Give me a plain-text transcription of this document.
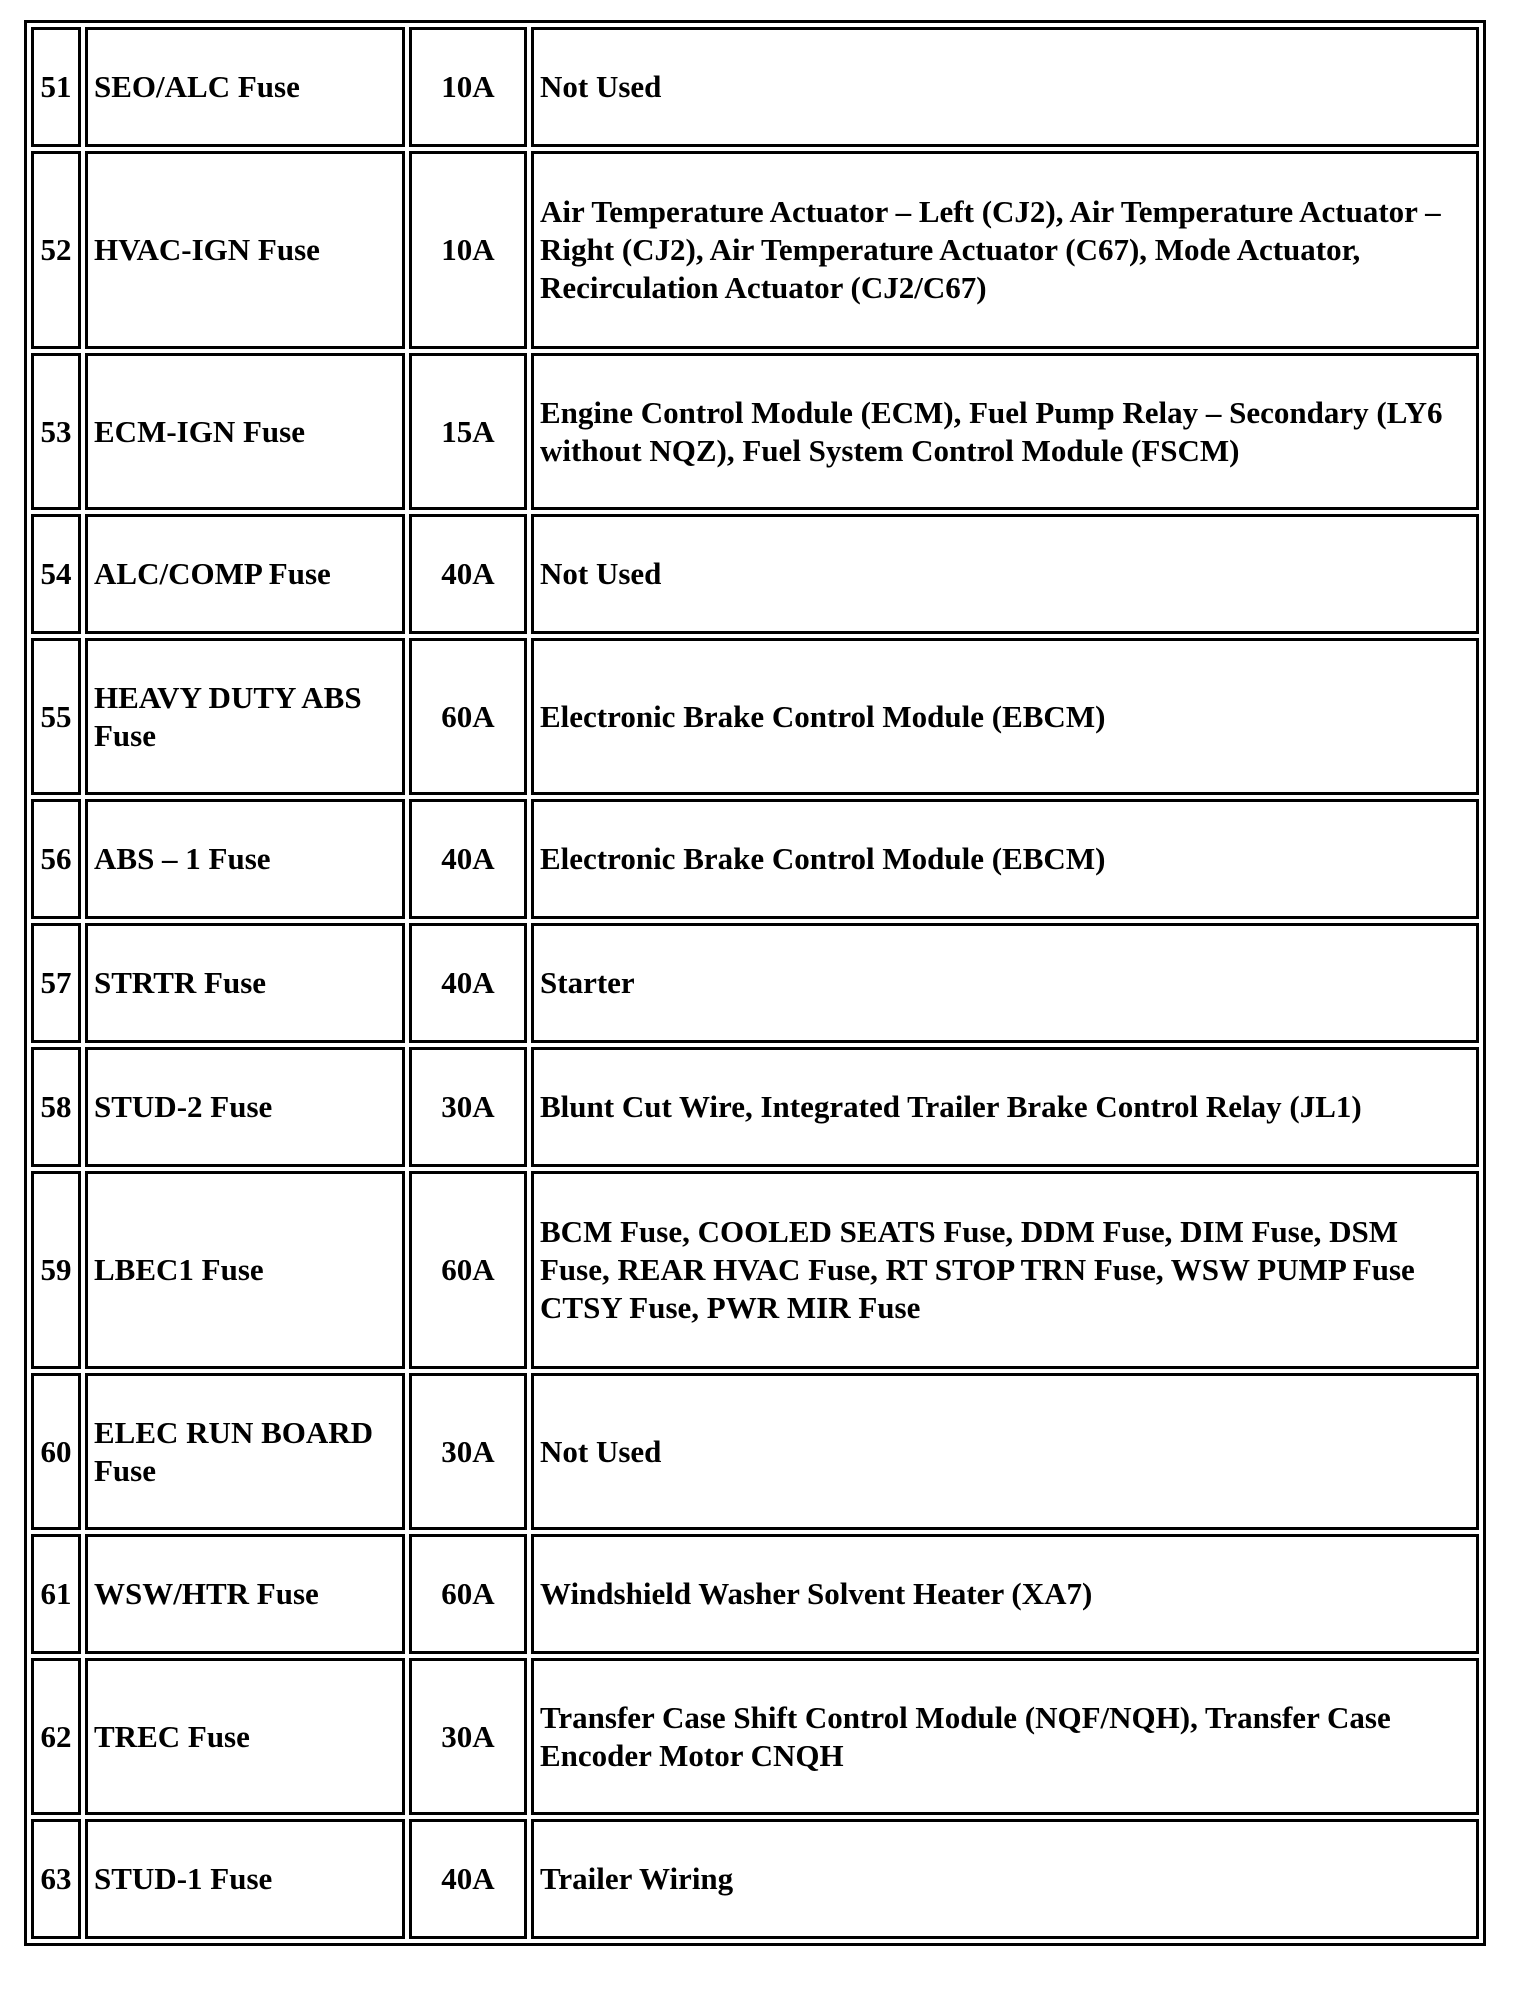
51	SEO/ALC Fuse	10A	Not Used
52	HVAC-IGN Fuse	10A	Air Temperature Actuator – Left (CJ2), Air Temperature Actuator – Right (CJ2), Air Temperature Actuator (C67), Mode Actuator, Recirculation Actuator (CJ2/C67)
53	ECM-IGN Fuse	15A	Engine Control Module (ECM), Fuel Pump Relay – Secondary (LY6 without NQZ), Fuel System Control Module (FSCM)
54	ALC/COMP Fuse	40A	Not Used
55	HEAVY DUTY ABS Fuse	60A	Electronic Brake Control Module (EBCM)
56	ABS – 1 Fuse	40A	Electronic Brake Control Module (EBCM)
57	STRTR Fuse	40A	Starter
58	STUD-2 Fuse	30A	Blunt Cut Wire, Integrated Trailer Brake Control Relay (JL1)
59	LBEC1 Fuse	60A	BCM Fuse, COOLED SEATS Fuse, DDM Fuse, DIM Fuse, DSM Fuse, REAR HVAC Fuse, RT STOP TRN Fuse, WSW PUMP Fuse CTSY Fuse, PWR MIR Fuse
60	ELEC RUN BOARD Fuse	30A	Not Used
61	WSW/HTR Fuse	60A	Windshield Washer Solvent Heater (XA7)
62	TREC Fuse	30A	Transfer Case Shift Control Module (NQF/NQH), Transfer Case Encoder Motor CNQH
63	STUD-1 Fuse	40A	Trailer Wiring
